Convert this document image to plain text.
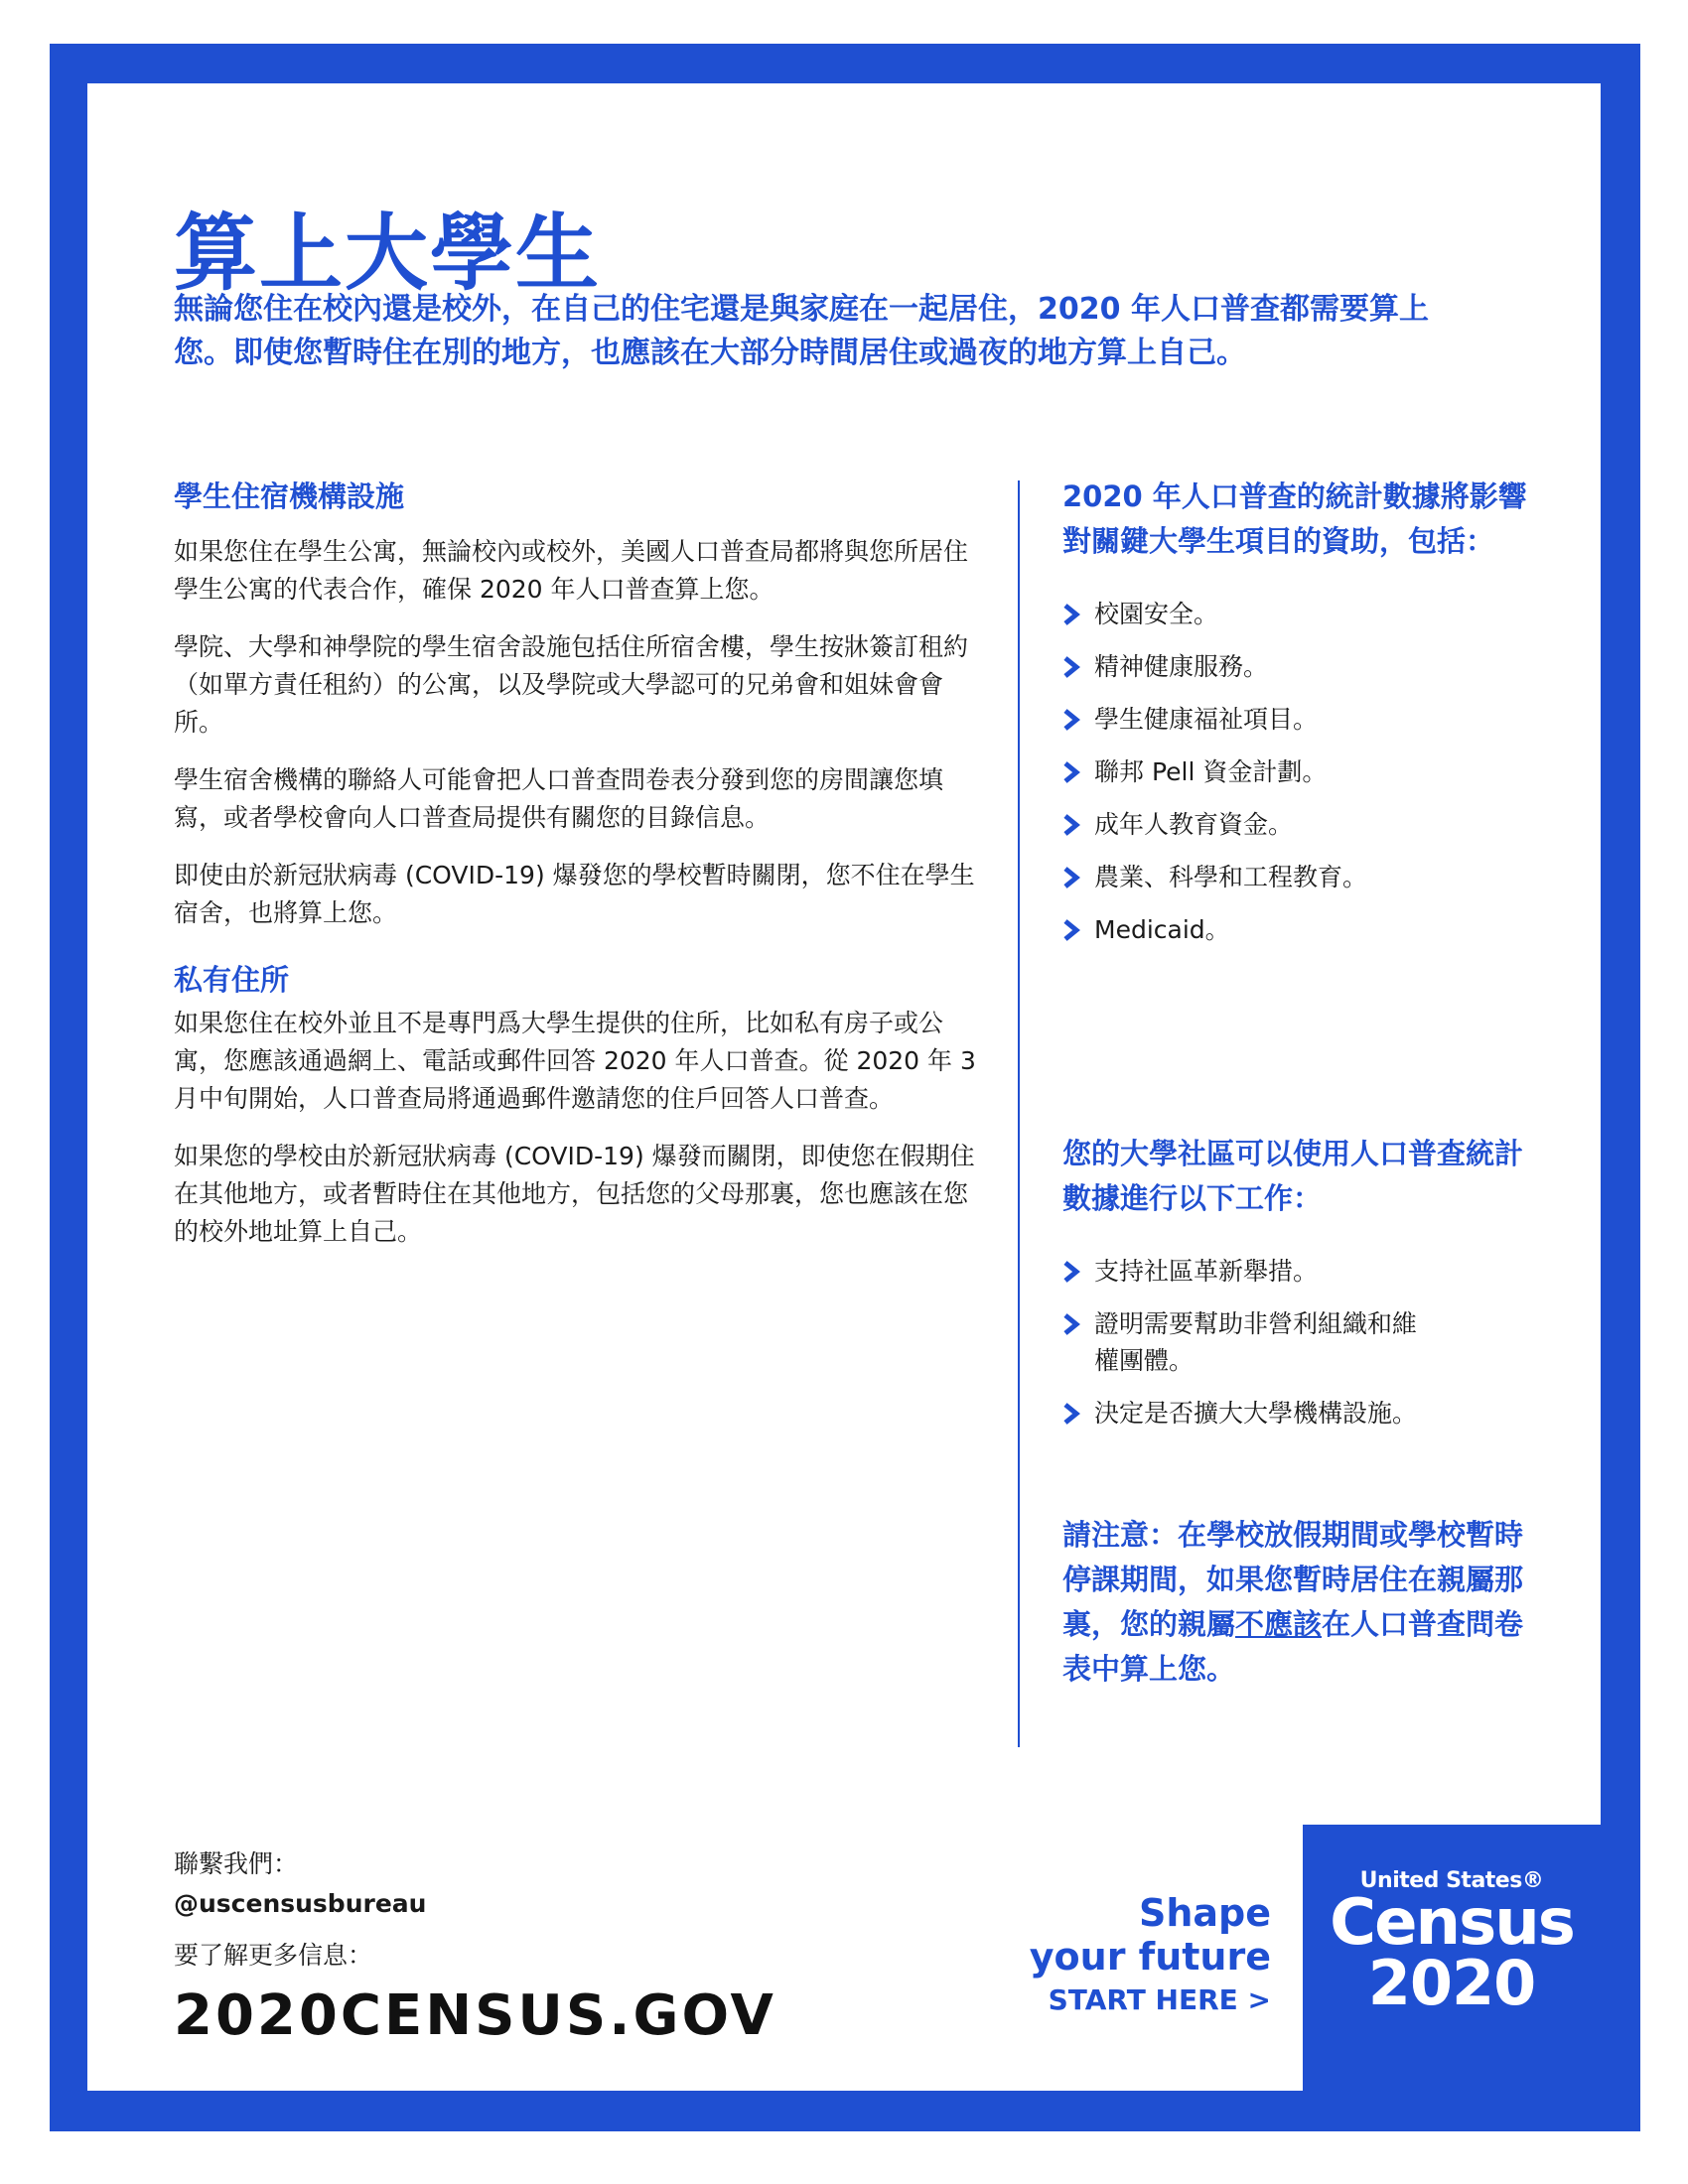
算上大學生

無論您住在校內還是校外，在自己的住宅還是與家庭在一起居住，2020 年人口普查都需要算上您。即使您暫時住在別的地方，也應該在大部分時間居住或過夜的地方算上自己。

學生住宿機構設施

如果您住在學生公寓，無論校內或校外，美國人口普查局都將與您所居住學生公寓的代表合作，確保 2020 年人口普查算上您。

學院、大學和神學院的學生宿舍設施包括住所宿舍樓，學生按牀簽訂租約（如單方責任租約）的公寓，以及學院或大學認可的兄弟會和姐妹會會所。

學生宿舍機構的聯絡人可能會把人口普查問卷表分發到您的房間讓您填寫，或者學校會向人口普查局提供有關您的目錄信息。

即使由於新冠狀病毒 (COVID-19) 爆發您的學校暫時關閉，您不住在學生宿舍，也將算上您。

私有住所

如果您住在校外並且不是專門爲大學生提供的住所，比如私有房子或公寓，您應該通過網上、電話或郵件回答 2020 年人口普查。從 2020 年 3 月中旬開始，人口普查局將通過郵件邀請您的住戶回答人口普查。

如果您的學校由於新冠狀病毒 (COVID-19) 爆發而關閉，即使您在假期住在其他地方，或者暫時住在其他地方，包括您的父母那裏，您也應該在您的校外地址算上自己。

2020 年人口普查的統計數據將影響對關鍵大學生項目的資助，包括：
校園安全。
精神健康服務。
學生健康福祉項目。
聯邦 Pell 資金計劃。
成年人教育資金。
農業、科學和工程教育。
Medicaid。
您的大學社區可以使用人口普查統計數據進行以下工作：
支持社區革新舉措。
證明需要幫助非營利組織和維權團體。
決定是否擴大大學機構設施。

請注意：在學校放假期間或學校暫時停課期間，如果您暫時居住在親屬那裏，您的親屬不應該在人口普查問卷表中算上您。

聯繫我們：

@uscensusbureau

要了解更多信息：

2020CENSUS.GOV

Shape
your future
START HERE >
United States®
Census
2020
